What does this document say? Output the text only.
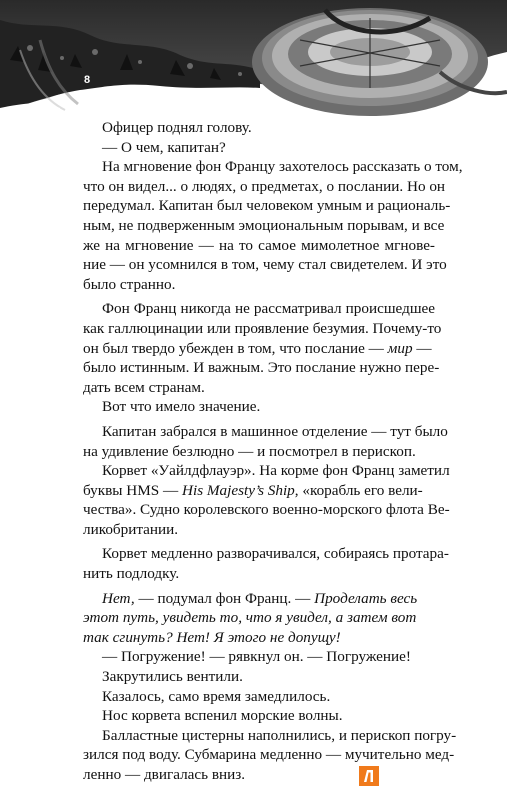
8
Офицер поднял голову.
— О чем, капитан?
На мгновение фон Францу захотелось рассказать о том,
что он видел... о людях, о предметах, о послании. Но он
передумал. Капитан был человеком умным и рациональ-
ным, не подверженным эмоциональным порывам, и все
же на мгновение — на то самое мимолетное мгнове-
ние — он усомнился в том, чему стал свидетелем. И это
было странно.
Фон Франц никогда не рассматривал происшедшее
как галлюцинации или проявление безумия. Почему-то
он был твердо убежден в том, что послание — мир —
было истинным. И важным. Это послание нужно пере-
дать всем странам.
Вот что имело значение.
Капитан забрался в машинное отделение — тут было
на удивление безлюдно — и посмотрел в перископ.
Корвет «Уайлдфлауэр». На корме фон Франц заметил
буквы HMS — His Majesty’s Ship, «корабль его вели-
чества». Судно королевского военно-морского флота Ве-
ликобритании.
Корвет медленно разворачивался, собираясь протара-
нить подлодку.
Нет, — подумал фон Франц. — Проделать весь
этот путь, увидеть то, что я увидел, а затем вот
так сгинуть? Нет! Я этого не допущу!
— Погружение! — рявкнул он. — Погружение!
Закрутились вентили.
Казалось, само время замедлилось.
Нос корвета вспенил морские волны.
Балластные цистерны наполнились, и перископ погру-
зился под воду. Субмарина медленно — мучительно мед-
ленно — двигалась вниз.
